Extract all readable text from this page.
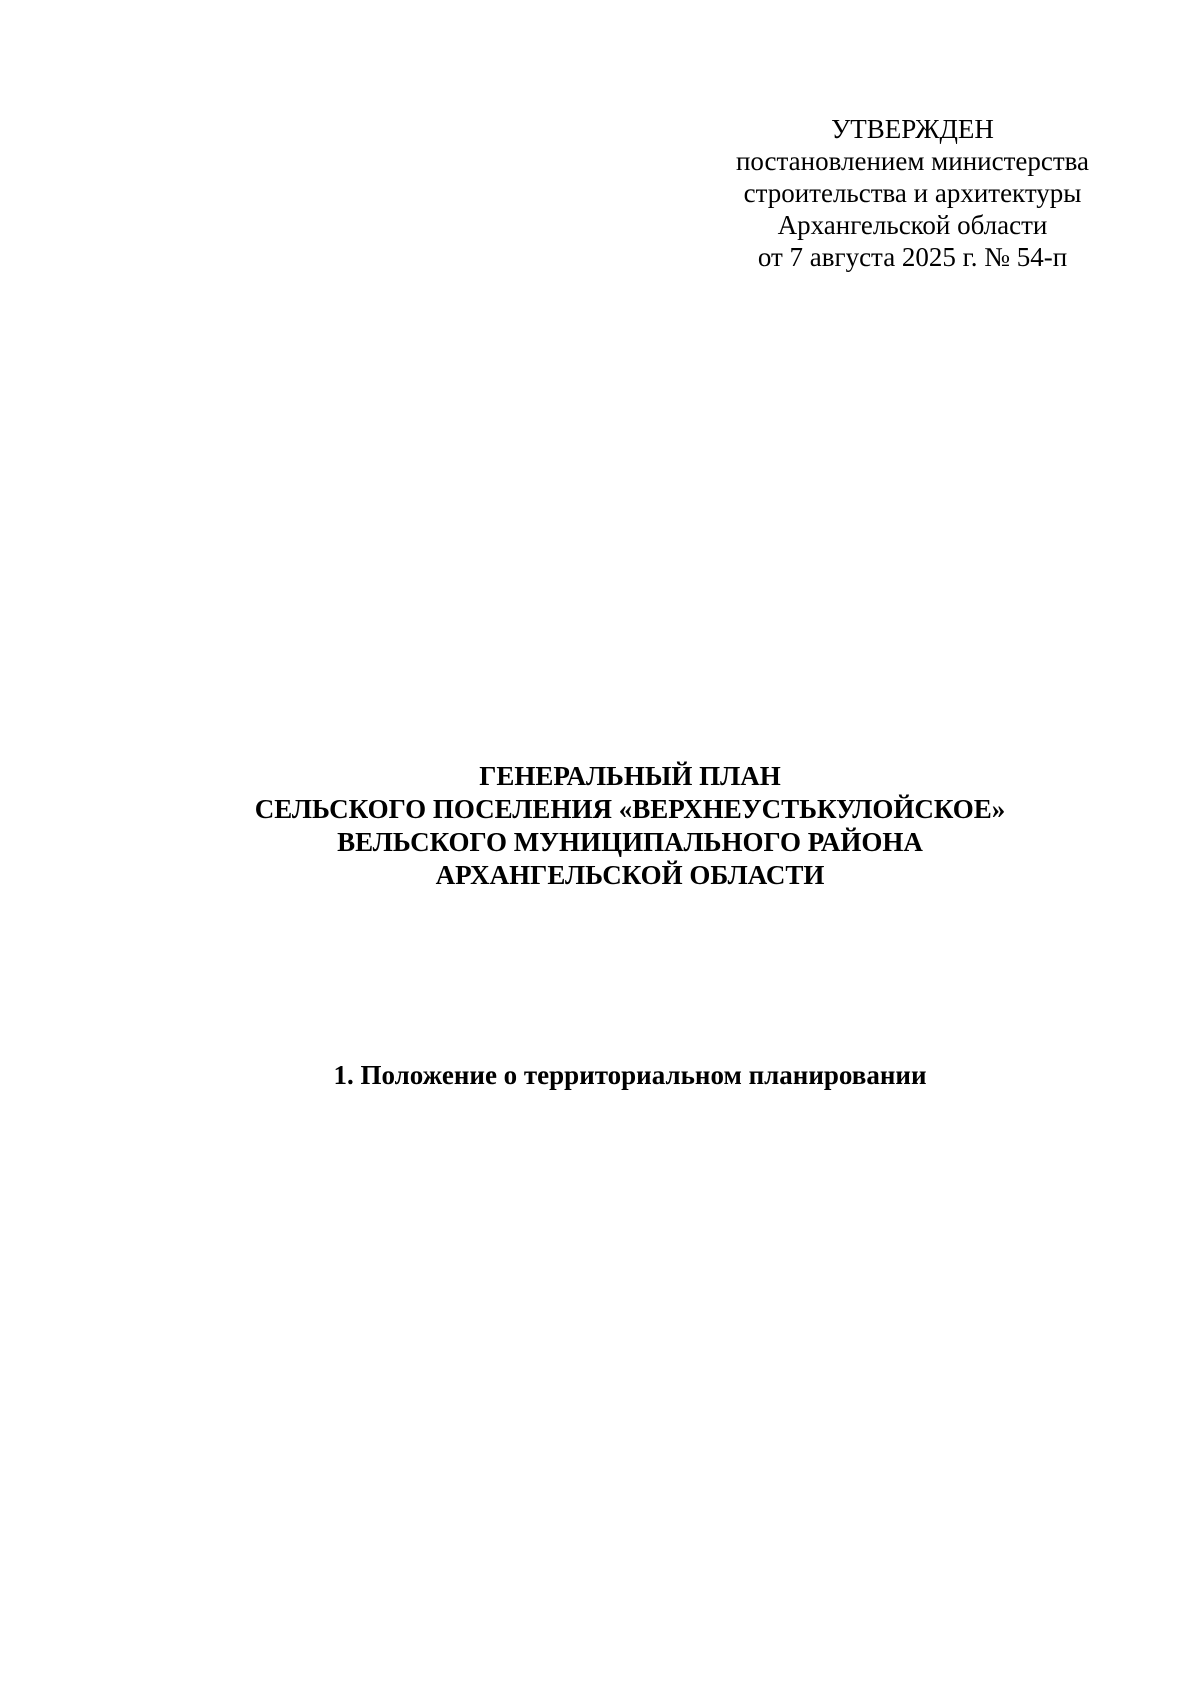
УТВЕРЖДЕН
постановлением министерства
строительства и архитектуры
Архангельской области
от 7 августа 2025 г. № 54-п
ГЕНЕРАЛЬНЫЙ ПЛАН
СЕЛЬСКОГО ПОСЕЛЕНИЯ «ВЕРХНЕУСТЬКУЛОЙСКОЕ»
ВЕЛЬСКОГО МУНИЦИПАЛЬНОГО РАЙОНА
АРХАНГЕЛЬСКОЙ ОБЛАСТИ
1. Положение о территориальном планировании
